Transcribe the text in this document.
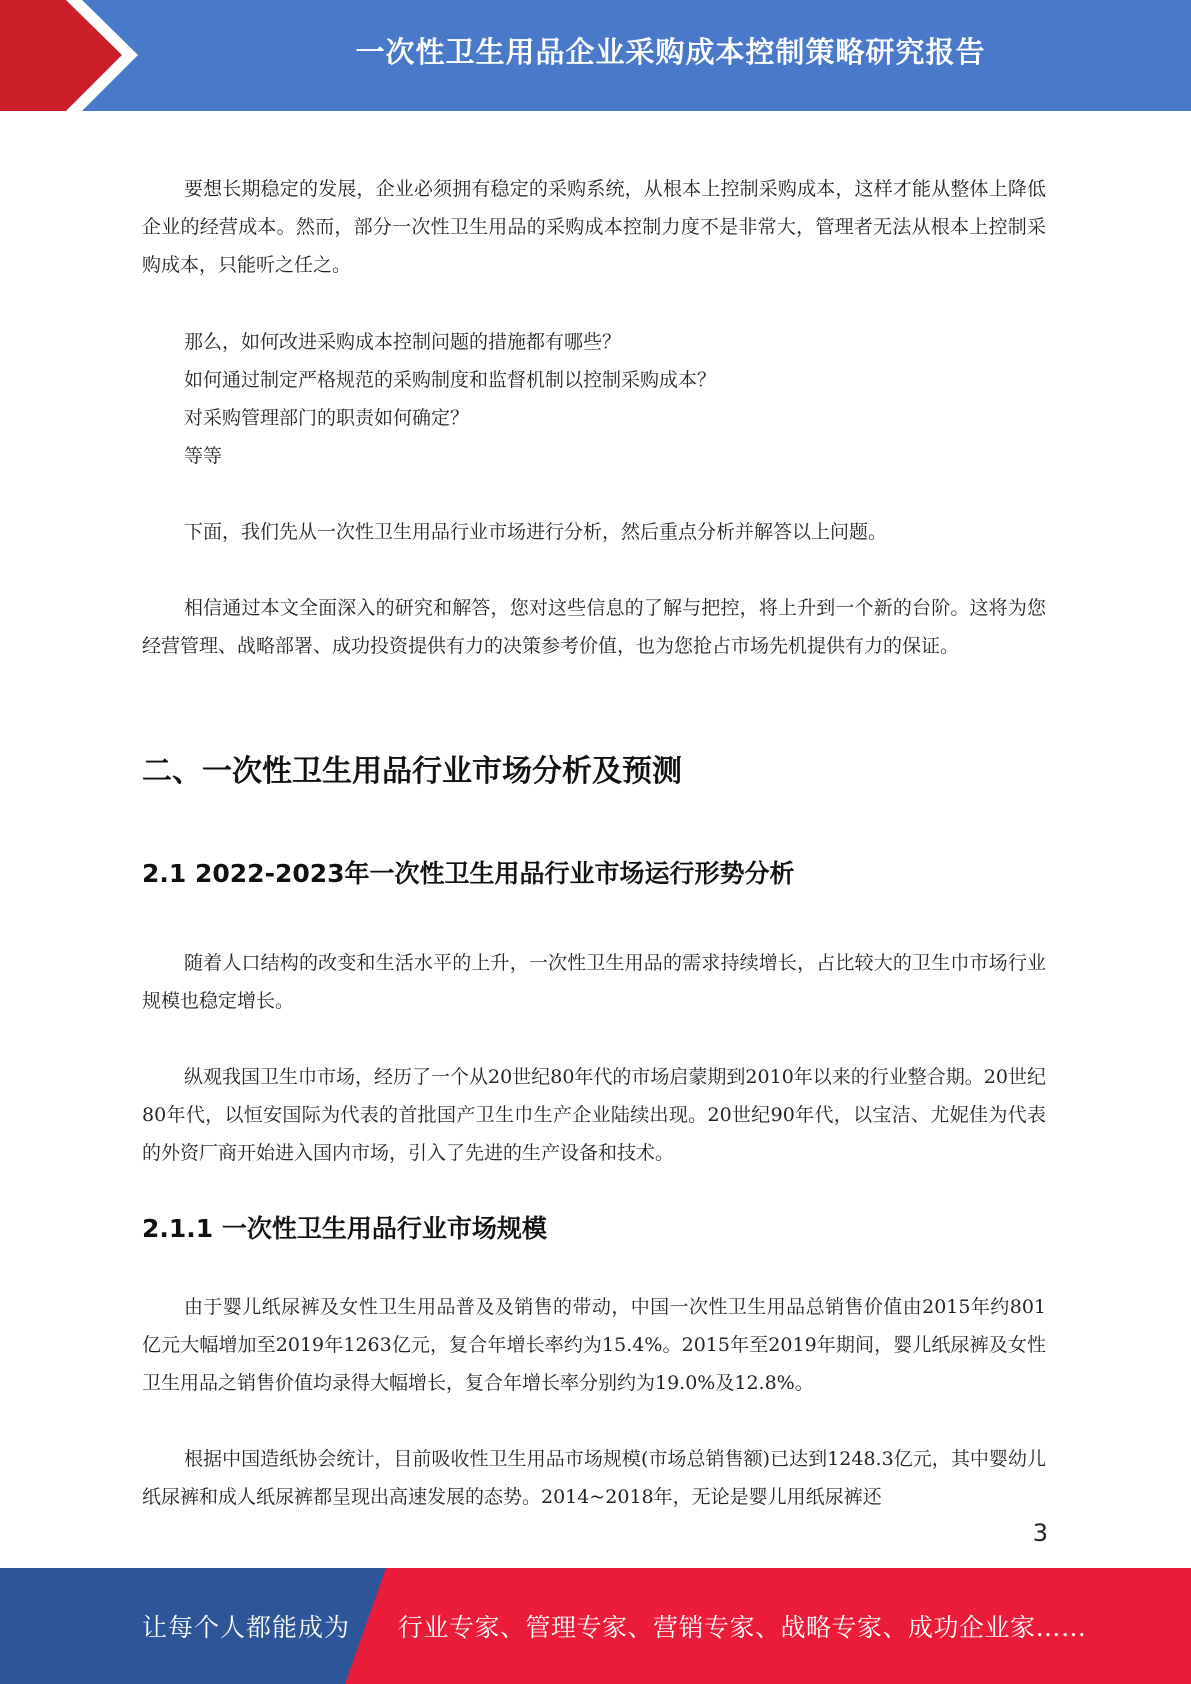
一次性卫生用品企业采购成本控制策略研究报告

要想长期稳定的发展，企业必须拥有稳定的采购系统，从根本上控制采购成本，这样才能从整体上降低企业的经营成本。然而，部分一次性卫生用品的采购成本控制力度不是非常大，管理者无法从根本上控制采购成本，只能听之任之。

那么，如何改进采购成本控制问题的措施都有哪些？

如何通过制定严格规范的采购制度和监督机制以控制采购成本？

对采购管理部门的职责如何确定？

等等

下面，我们先从一次性卫生用品行业市场进行分析，然后重点分析并解答以上问题。

相信通过本文全面深入的研究和解答，您对这些信息的了解与把控，将上升到一个新的台阶。这将为您经营管理、战略部署、成功投资提供有力的决策参考价值，也为您抢占市场先机提供有力的保证。

二、一次性卫生用品行业市场分析及预测
2.1 2022-2023年一次性卫生用品行业市场运行形势分析

随着人口结构的改变和生活水平的上升，一次性卫生用品的需求持续增长，占比较大的卫生巾市场行业规模也稳定增长。

纵观我国卫生巾市场，经历了一个从20世纪80年代的市场启蒙期到2010年以来的行业整合期。20世纪80年代，以恒安国际为代表的首批国产卫生巾生产企业陆续出现。20世纪90年代，以宝洁、尤妮佳为代表的外资厂商开始进入国内市场，引入了先进的生产设备和技术。

2.1.1 一次性卫生用品行业市场规模

由于婴儿纸尿裤及女性卫生用品普及及销售的带动，中国一次性卫生用品总销售价值由2015年约801亿元大幅增加至2019年1263亿元，复合年增长率约为15.4%。2015年至2019年期间，婴儿纸尿裤及女性卫生用品之销售价值均录得大幅增长，复合年增长率分别约为19.0%及12.8%。

根据中国造纸协会统计，目前吸收性卫生用品市场规模(市场总销售额)已达到1248.3亿元，其中婴幼儿纸尿裤和成人纸尿裤都呈现出高速发展的态势。2014~2018年，无论是婴儿用纸尿裤还

3
让每个人都能成为 行业专家、管理专家、营销专家、战略专家、成功企业家……
